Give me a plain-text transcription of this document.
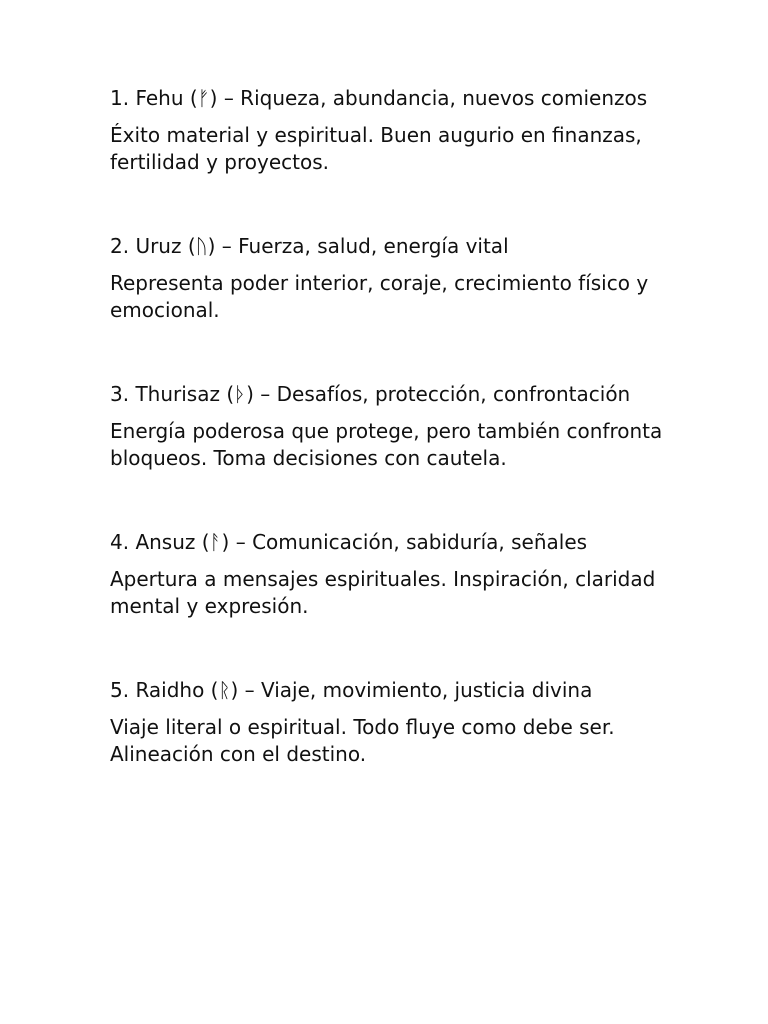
1. Fehu (ᚠ) – Riqueza, abundancia, nuevos comienzos

Éxito material y espiritual. Buen augurio en finanzas, fertilidad y proyectos.

2. Uruz (ᚢ) – Fuerza, salud, energía vital

Representa poder interior, coraje, crecimiento físico y emocional.

3. Thurisaz (ᚦ) – Desafíos, protección, confrontación

Energía poderosa que protege, pero también confronta bloqueos. Toma decisiones con cautela.

4. Ansuz (ᚨ) – Comunicación, sabiduría, señales

Apertura a mensajes espirituales. Inspiración, claridad mental y expresión.

5. Raidho (ᚱ) – Viaje, movimiento, justicia divina

Viaje literal o espiritual. Todo fluye como debe ser. Alineación con el destino.
